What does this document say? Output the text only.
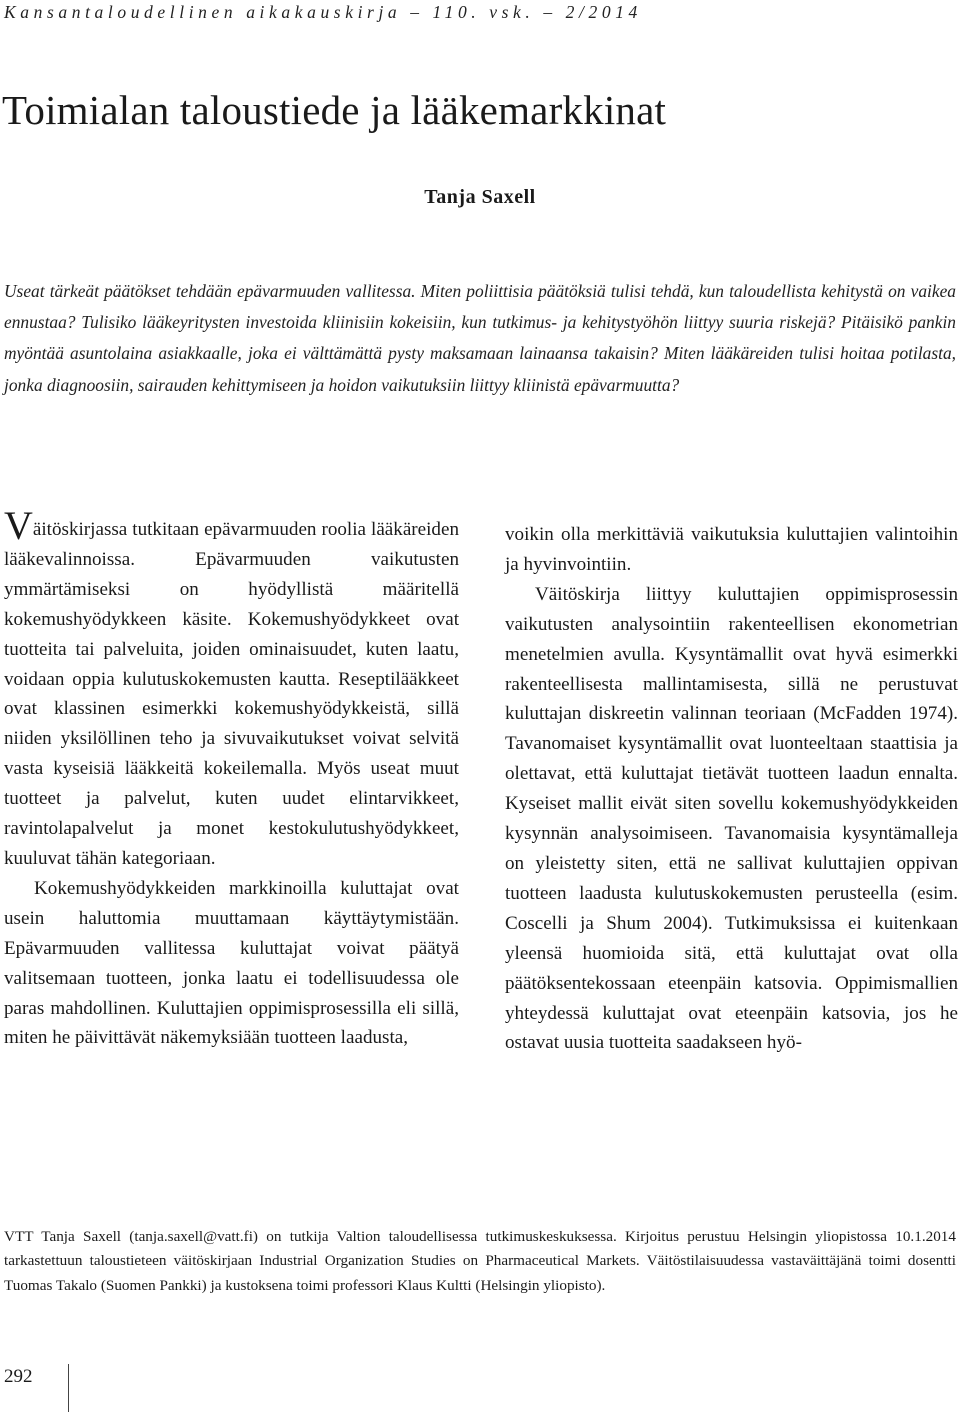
Kansantaloudellinen aikakauskirja – 110. vsk. – 2/2014
Toimialan taloustiede ja lääkemarkkinat
Tanja Saxell

Useat tärkeät päätökset tehdään epävarmuuden vallitessa. Miten poliittisia päätöksiä tulisi tehdä, kun taloudellista kehitystä on vaikea ennustaa? Tulisiko lääkeyritysten investoida kliinisiin kokeisiin, kun tutkimus- ja kehitystyöhön liittyy suuria riskejä? Pitäisikö pankin myöntää asuntolaina asiakkaalle, joka ei välttämättä pysty maksamaan lainaansa takaisin? Miten lääkäreiden tulisi hoitaa potilasta, jonka diagnoosiin, sairauden kehittymiseen ja hoidon vaikutuksiin liittyy kliinistä epävarmuutta?

Väitöskirjassa tutkitaan epävarmuuden roolia lääkäreiden lääkevalinnoissa. Epävarmuuden vaikutusten ymmärtämiseksi on hyödyllistä määritellä kokemushyödykkeen käsite. Kokemushyödykkeet ovat tuotteita tai palveluita, joiden ominaisuudet, kuten laatu, voidaan oppia kulutuskokemusten kautta. Reseptilääkkeet ovat klassinen esimerkki kokemushyödykkeistä, sillä niiden yksilöllinen teho ja sivuvaikutukset voivat selvitä vasta kyseisiä lääkkeitä kokeilemalla. Myös useat muut tuotteet ja palvelut, kuten uudet elintarvikkeet, ravintolapalvelut ja monet kestokulutushyödykkeet, kuuluvat tähän kategoriaan.

Kokemushyödykkeiden markkinoilla kuluttajat ovat usein haluttomia muuttamaan käyttäytymistään. Epävarmuuden vallitessa kuluttajat voivat päätyä valitsemaan tuotteen, jonka laatu ei todellisuudessa ole paras mahdollinen. Kuluttajien oppimisprosessilla eli sillä, miten he päivittävät näkemyksiään tuotteen laadusta,

voikin olla merkittäviä vaikutuksia kuluttajien valintoihin ja hyvinvointiin.

Väitöskirja liittyy kuluttajien oppimisprosessin vaikutusten analysointiin rakenteellisen ekonometrian menetelmien avulla. Kysyntämallit ovat hyvä esimerkki rakenteellisesta mallintamisesta, sillä ne perustuvat kuluttajan diskreetin valinnan teoriaan (McFadden 1974). Tavanomaiset kysyntämallit ovat luonteeltaan staattisia ja olettavat, että kuluttajat tietävät tuotteen laadun ennalta. Kyseiset mallit eivät siten sovellu kokemushyödykkeiden kysynnän analysoimiseen. Tavanomaisia kysyntämalleja on yleistetty siten, että ne sallivat kuluttajien oppivan tuotteen laadusta kulutuskokemusten perusteella (esim. Coscelli ja Shum 2004). Tutkimuksissa ei kuitenkaan yleensä huomioida sitä, että kuluttajat ovat olla päätöksentekossaan eteenpäin katsovia. Oppimismallien yhteydessä kuluttajat ovat eteenpäin katsovia, jos he ostavat uusia tuotteita saadakseen hyö-

VTT Tanja Saxell (tanja.saxell@vatt.fi) on tutkija Valtion taloudellisessa tutkimuskeskuksessa. Kirjoitus perustuu Helsingin yliopistossa 10.1.2014 tarkastettuun taloustieteen väitöskirjaan Industrial Organization Studies on Pharmaceutical Markets. Väitöstilaisuudessa vastaväittäjänä toimi dosentti Tuomas Takalo (Suomen Pankki) ja kustoksena toimi professori Klaus Kultti (Helsingin yliopisto).

292
